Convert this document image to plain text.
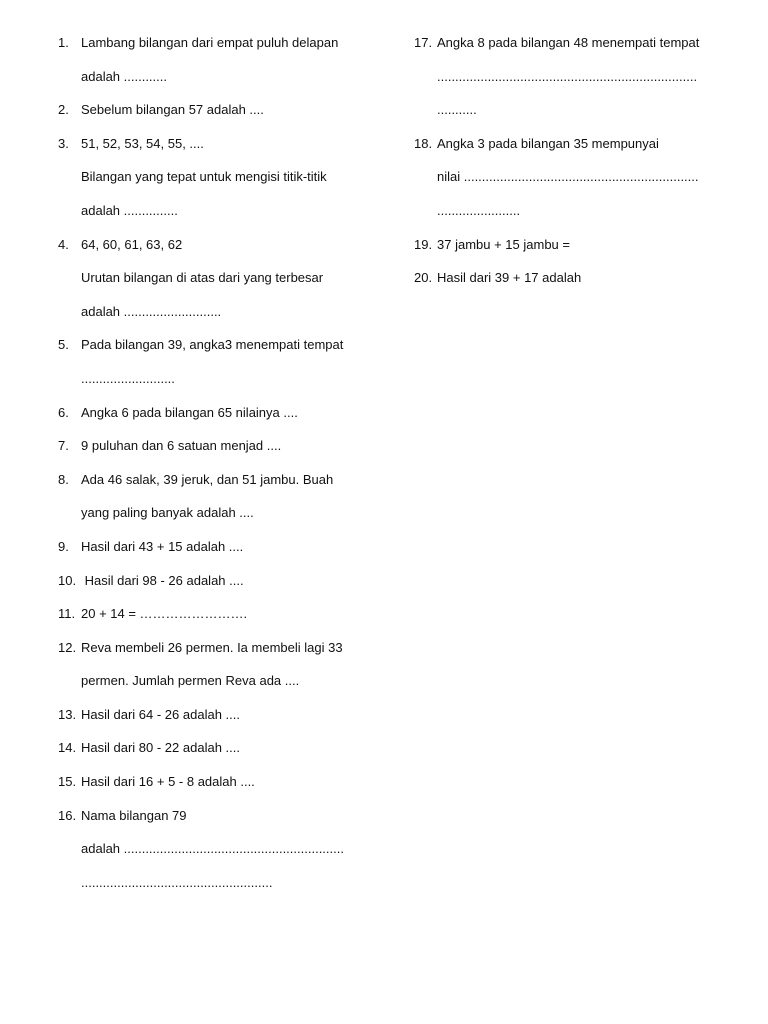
1. Lambang bilangan dari empat puluh delapan
adalah ............
2. Sebelum bilangan 57 adalah ....
3. 51, 52, 53, 54, 55, ....
Bilangan yang tepat untuk mengisi titik-titik
adalah ...............
4. 64, 60, 61, 63, 62
Urutan bilangan di atas dari yang terbesar
adalah ...........................
5. Pada bilangan 39, angka3 menempati tempat
..........................
6. Angka 6 pada bilangan 65 nilainya ....
7. 9 puluhan dan 6 satuan menjad ....
8. Ada 46 salak, 39 jeruk, dan 51 jambu. Buah
yang paling banyak adalah ....
9. Hasil dari 43 + 15 adalah ....
10. Hasil dari 98 - 26 adalah ....
11. 20 + 14 = …………………….
12. Reva membeli 26 permen. Ia membeli lagi 33
permen. Jumlah permen Reva ada ....
13. Hasil dari 64 - 26 adalah ....
14. Hasil dari 80 - 22 adalah ....
15. Hasil dari 16 + 5 - 8 adalah ....
16. Nama bilangan 79
adalah .............................................................
.....................................................
17. Angka 8 pada bilangan 48 menempati tempat
........................................................................
...........
18. Angka 3 pada bilangan 35 mempunyai
nilai .................................................................
.......................
19. 37 jambu + 15 jambu =
20. Hasil dari 39 + 17 adalah
